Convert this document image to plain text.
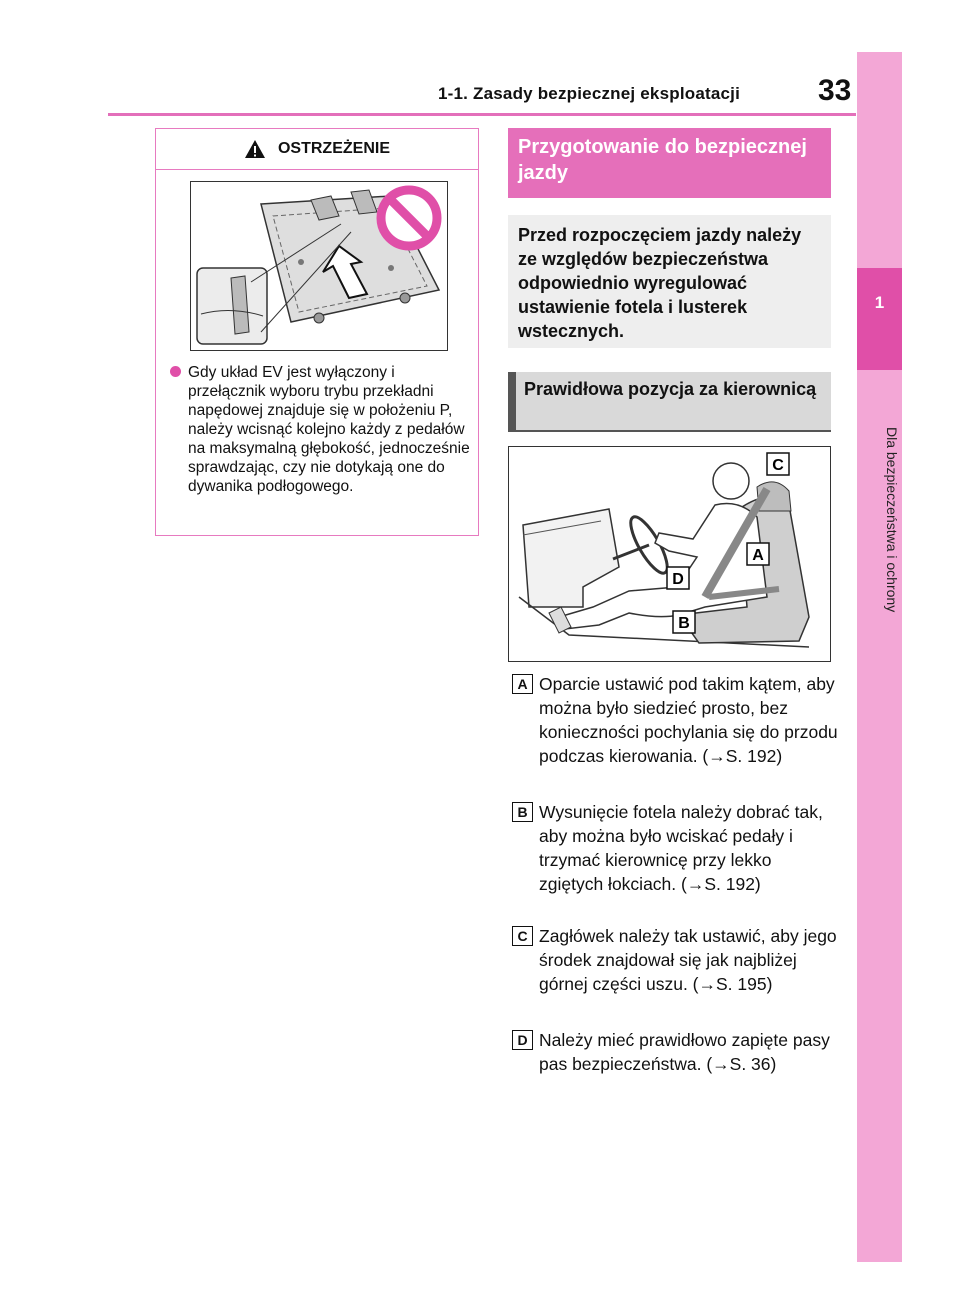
1
Dla bezpieczeństwa i ochrony
1-1. Zasady bezpiecznej eksploatacji	33
OSTRZEŻENIE

Gdy układ EV jest wyłączony i przełącznik wyboru trybu przekładni napędowej znajduje się w położeniu P, należy wcisnąć kolejno każdy z pedałów na maksymalną głębokość, jednocześnie sprawdzając, czy nie dotykają one do dywanika podłogowego.

Przygotowanie do bezpiecznej jazdy
Przed rozpoczęciem jazdy należy ze względów bezpieczeństwa odpowiednio wyregulować ustawienie fotela i lusterek wstecznych.
Prawidłowa pozycja za kierownicą
C
A
D
B
A Oparcie ustawić pod takim kątem, aby można było siedzieć prosto, bez konieczności pochylania się do przodu podczas kierowania. (→S. 192)
B Wysunięcie fotela należy dobrać tak, aby można było wciskać pedały i trzymać kierownicę przy lekko zgiętych łokciach. (→S. 192)
C Zagłówek należy tak ustawić, aby jego środek znajdował się jak najbliżej górnej części uszu. (→S. 195)
D Należy mieć prawidłowo zapięte pasy pas bezpieczeństwa. (→S. 36)
